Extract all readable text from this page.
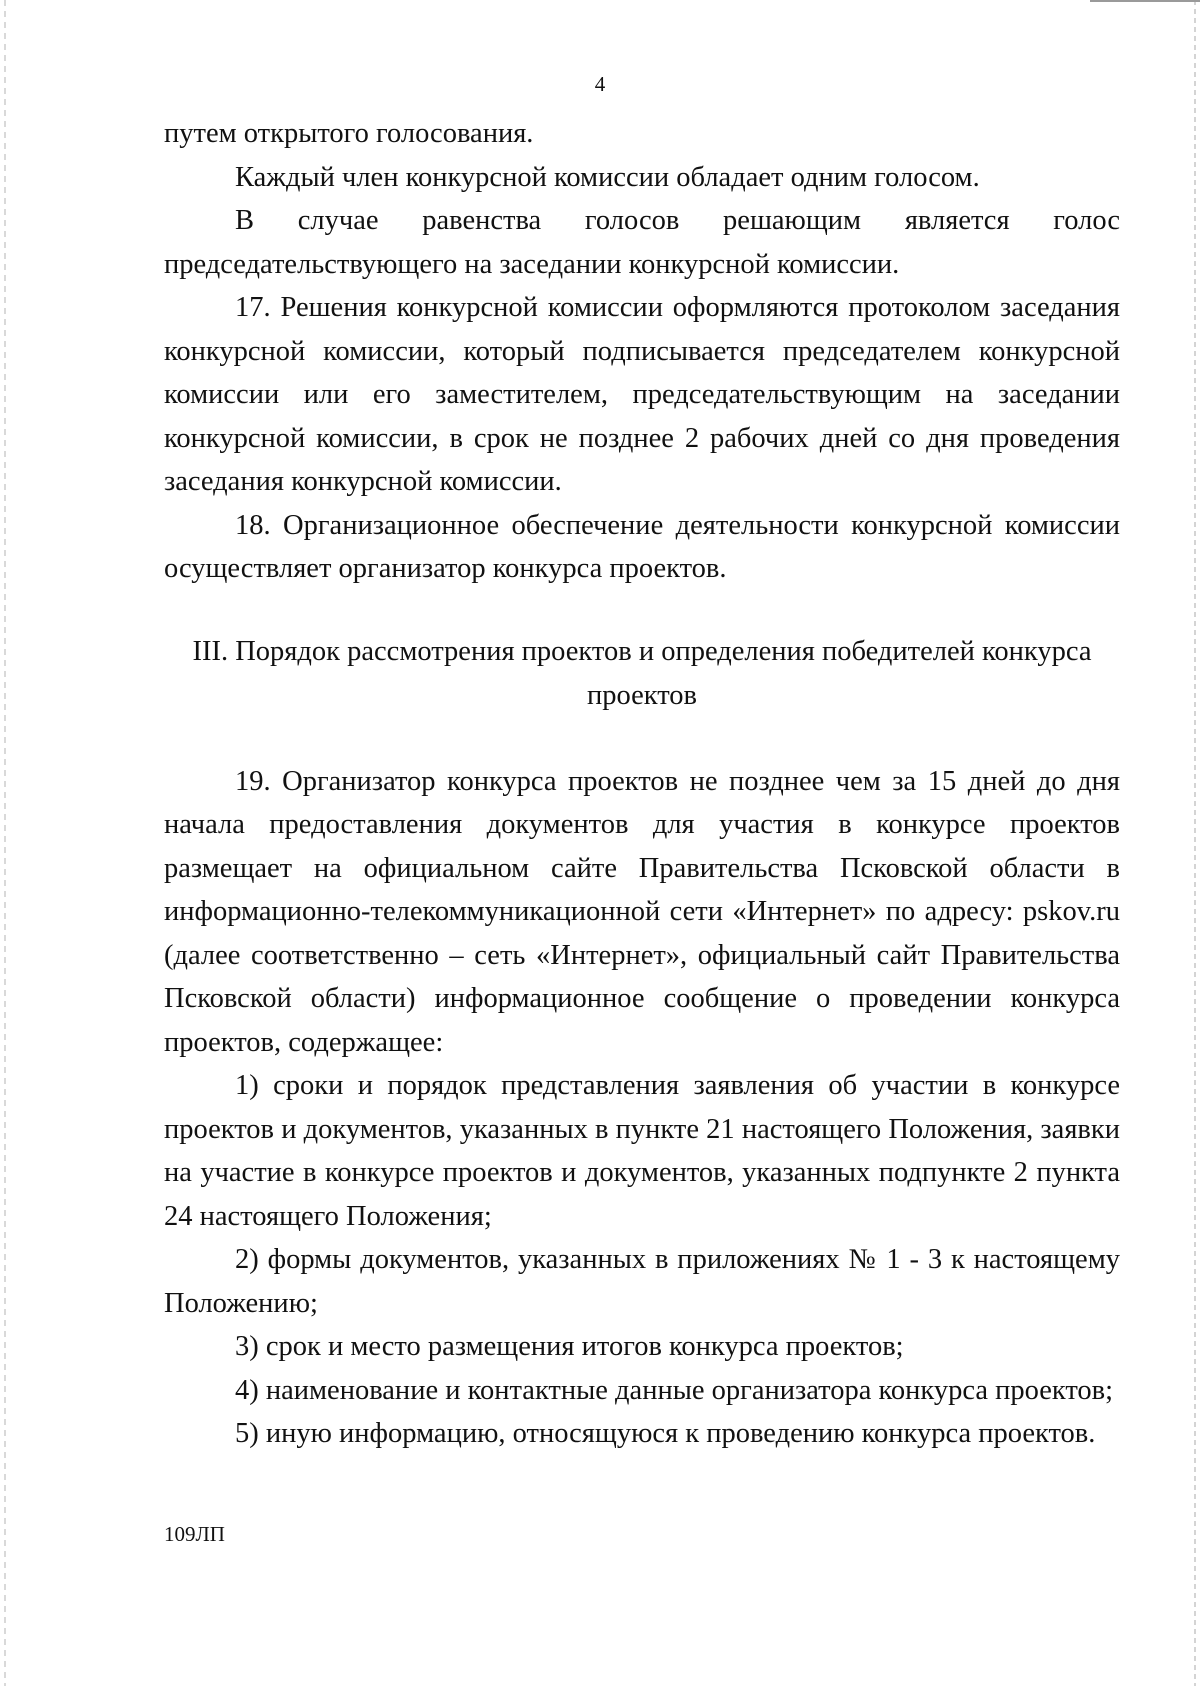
4

путем открытого голосования.

Каждый член конкурсной комиссии обладает одним голосом.

В случае равенства голосов решающим является голос председательствующего на заседании конкурсной комиссии.

17. Решения конкурсной комиссии оформляются протоколом заседания конкурсной комиссии, который подписывается председателем конкурсной комиссии или его заместителем, председательствующим на заседании конкурсной комиссии, в срок не позднее 2 рабочих дней со дня проведения заседания конкурсной комиссии.

18. Организационное обеспечение деятельности конкурсной комиссии осуществляет организатор конкурса проектов.

III. Порядок рассмотрения проектов и определения победителей конкурса
проектов

19. Организатор конкурса проектов не позднее чем за 15 дней до дня начала предоставления документов для участия в конкурсе проектов размещает на официальном сайте Правительства Псковской области в информационно-телекоммуникационной сети «Интернет» по адресу: pskov.ru (далее соответственно – сеть «Интернет», официальный сайт Правительства Псковской области) информационное сообщение о проведении конкурса проектов, содержащее:

1) сроки и порядок представления заявления об участии в конкурсе проектов и документов, указанных в пункте 21 настоящего Положения, заявки на участие в конкурсе проектов и документов, указанных подпункте 2 пункта 24 настоящего Положения;

2) формы документов, указанных в приложениях № 1 - 3 к настоящему Положению;

3) срок и место размещения итогов конкурса проектов;

4) наименование и контактные данные организатора конкурса проектов;

5) иную информацию, относящуюся к проведению конкурса проектов.

109ЛП
